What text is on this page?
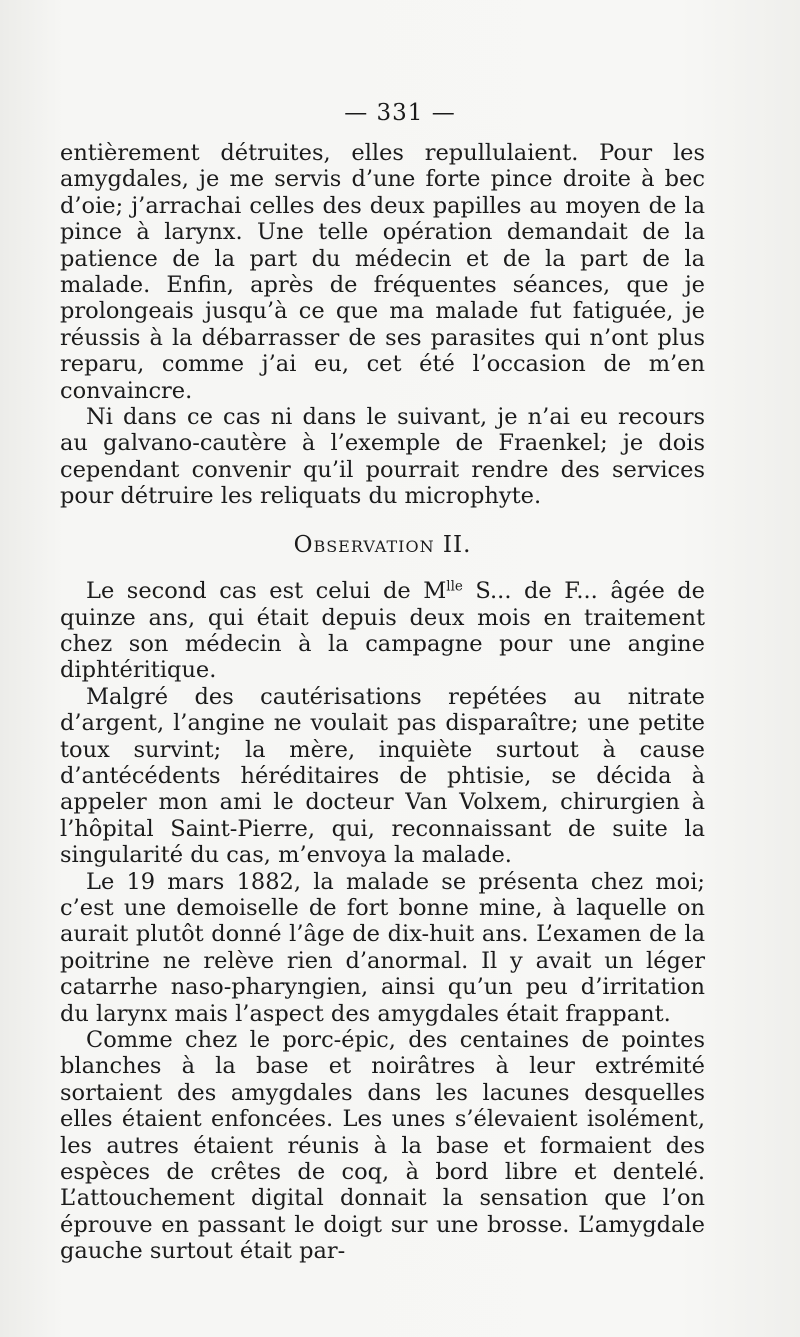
— 331 —

entièrement détruites, elles repullulaient. Pour les amygdales, je me servis d’une forte pince droite à bec d’oie; j’arrachai celles des deux papilles au moyen de la pince à larynx. Une telle opération demandait de la patience de la part du médecin et de la part de la malade. Enfin, après de fréquentes séances, que je prolongeais jusqu’à ce que ma malade fut fatiguée, je réussis à la débarrasser de ses parasites qui n’ont plus reparu, comme j’ai eu, cet été l’occasion de m’en convaincre.

Ni dans ce cas ni dans le suivant, je n’ai eu recours au galvano-cautère à l’exemple de Fraenkel; je dois cependant convenir qu’il pourrait rendre des services pour détruire les reliquats du microphyte.

Observation II.

Le second cas est celui de $M^{lle}$ S... de F... âgée de quinze ans, qui était depuis deux mois en traitement chez son médecin à la campagne pour une angine diphtéritique.

Malgré des cautérisations repétées au nitrate d’argent, l’angine ne voulait pas disparaître; une petite toux survint; la mère, inquiète surtout à cause d’antécédents héréditaires de phtisie, se décida à appeler mon ami le docteur Van Volxem, chirurgien à l’hôpital Saint-Pierre, qui, reconnaissant de suite la singularité du cas, m’envoya la malade.

Le 19 mars 1882, la malade se présenta chez moi; c’est une demoiselle de fort bonne mine, à laquelle on aurait plutôt donné l’âge de dix-huit ans. L’examen de la poitrine ne relève rien d’anormal. Il y avait un léger catarrhe naso-pharyngien, ainsi qu’un peu d’irritation du larynx mais l’aspect des amygdales était frappant.

Comme chez le porc-épic, des centaines de pointes blanches à la base et noirâtres à leur extrémité sortaient des amygdales dans les lacunes desquelles elles étaient enfoncées. Les unes s’élevaient isolément, les autres étaient réunis à la base et formaient des espèces de crêtes de coq, à bord libre et dentelé. L’attouchement digital donnait la sensation que l’on éprouve en passant le doigt sur une brosse. L’amygdale gauche surtout était par-
